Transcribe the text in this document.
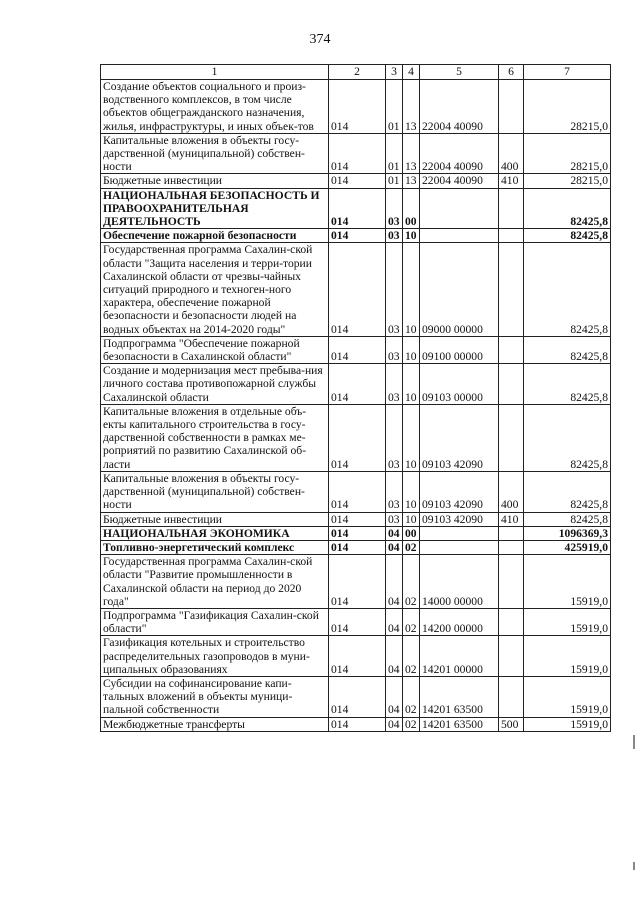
374
1	2	3	4	5	6	7
Создание объектов социального и произ-водственного комплексов, в том числе объектов общегражданского назначения, жилья, инфраструктуры, и иных объек-тов	014	01	13	22004 40090		28215,0
Капитальные вложения в объекты госу-дарственной (муниципальной) собствен-ности	014	01	13	22004 40090	400	28215,0
Бюджетные инвестиции	014	01	13	22004 40090	410	28215,0
НАЦИОНАЛЬНАЯ БЕЗОПАСНОСТЬ И ПРАВООХРАНИТЕЛЬНАЯ ДЕЯТЕЛЬНОСТЬ	014	03	00			82425,8
Обеспечение пожарной безопасности	014	03	10			82425,8
Государственная программа Сахалин-ской области "Защита населения и терри-тории Сахалинской области от чрезвы-чайных ситуаций природного и техноген-ного характера, обеспечение пожарной безопасности и безопасности людей на водных объектах на 2014-2020 годы"	014	03	10	09000 00000		82425,8
Подпрограмма "Обеспечение пожарной безопасности в Сахалинской области"	014	03	10	09100 00000		82425,8
Создание и модернизация мест пребыва-ния личного состава противопожарной службы Сахалинской области	014	03	10	09103 00000		82425,8
Капитальные вложения в отдельные объ-екты капитального строительства в госу-дарственной собственности в рамках ме-роприятий по развитию Сахалинской об-ласти	014	03	10	09103 42090		82425,8
Капитальные вложения в объекты госу-дарственной (муниципальной) собствен-ности	014	03	10	09103 42090	400	82425,8
Бюджетные инвестиции	014	03	10	09103 42090	410	82425,8
НАЦИОНАЛЬНАЯ ЭКОНОМИКА	014	04	00			1096369,3
Топливно-энергетический комплекс	014	04	02			425919,0
Государственная программа Сахалин-ской области "Развитие промышленности в Сахалинской области на период до 2020 года"	014	04	02	14000 00000		15919,0
Подпрограмма "Газификация Сахалин-ской области"	014	04	02	14200 00000		15919,0
Газификация котельных и строительство распределительных газопроводов в муни-ципальных образованиях	014	04	02	14201 00000		15919,0
Субсидии на софинансирование капи-тальных вложений в объекты муници-пальной собственности	014	04	02	14201 63500		15919,0
Межбюджетные трансферты	014	04	02	14201 63500	500	15919,0
